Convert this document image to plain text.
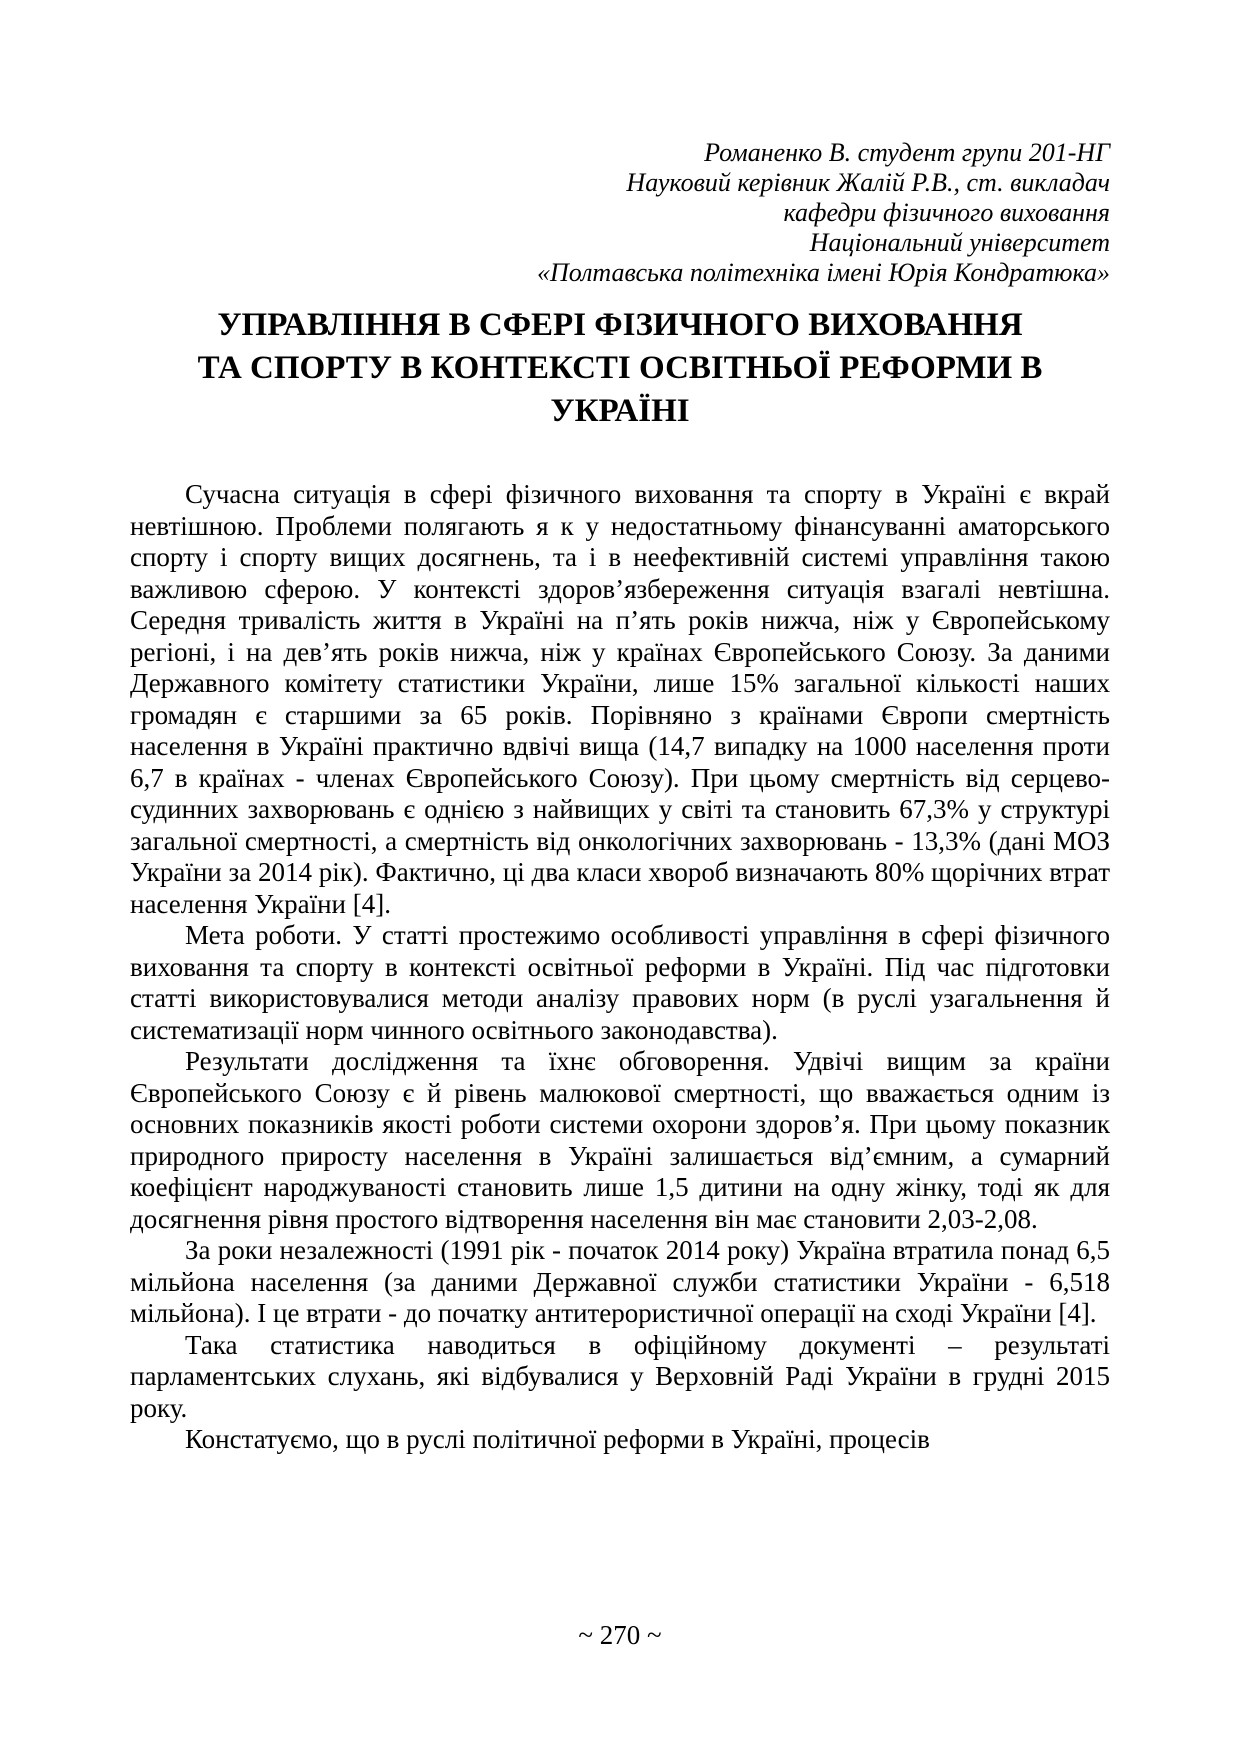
Романенко В. студент групи 201-НГ
Науковий керівник Жалій Р.В., ст. викладач
кафедри фізичного виховання
Національний університет
«Полтавська політехніка імені Юрія Кондратюка»
УПРАВЛІННЯ В СФЕРІ ФІЗИЧНОГО ВИХОВАННЯ
ТА СПОРТУ В КОНТЕКСТІ ОСВІТНЬОЇ РЕФОРМИ В
УКРАЇНІ

Сучасна ситуація в сфері фізичного виховання та спорту в Україні є вкрай невтішною. Проблеми полягають я к у недостатньому фінансуванні аматорського спорту і спорту вищих досягнень, та і в неефективній системі управління такою важливою сферою. У контексті здоров’язбереження ситуація взагалі невтішна. Середня тривалість життя в Україні на п’ять років нижча, ніж у Європейському регіоні, і на дев’ять років нижча, ніж у країнах Європейського Союзу. За даними Державного комітету статистики України, лише 15% загальної кількості наших громадян є старшими за 65 років. Порівняно з країнами Європи смертність населення в Україні практично вдвічі вища (14,7 випадку на 1000 населення проти 6,7 в країнах - членах Європейського Союзу). При цьому смертність від серцево-судинних захворювань є однією з найвищих у світі та становить 67,3% у структурі загальної смертності, а смертність від онкологічних захворювань - 13,3% (дані МОЗ України за 2014 рік). Фактично, ці два класи хвороб визначають 80% щорічних втрат населення України [4].

Мета роботи. У статті простежимо особливості управління в сфері фізичного виховання та спорту в контексті освітньої реформи в Україні. Під час підготовки статті використовувалися методи аналізу правових норм (в руслі узагальнення й систематизації норм чинного освітнього законодавства).

Результати дослідження та їхнє обговорення. Удвічі вищим за країни Європейського Союзу є й рівень малюкової смертності, що вважається одним із основних показників якості роботи системи охорони здоров’я. При цьому показник природного приросту населення в Україні залишається від’ємним, а сумарний коефіцієнт народжуваності становить лише 1,5 дитини на одну жінку, тоді як для досягнення рівня простого відтворення населення він має становити 2,03-2,08.

За роки незалежності (1991 рік - початок 2014 року) Україна втратила понад 6,5 мільйона населення (за даними Державної служби статистики України - 6,518 мільйона). І це втрати - до початку антитерористичної операції на сході України [4].

Така статистика наводиться в офіційному документі – результаті парламентських слухань, які відбувалися у Верховній Раді України в грудні 2015 року.

Констатуємо, що в руслі політичної реформи в Україні, процесів

~ 270 ~
